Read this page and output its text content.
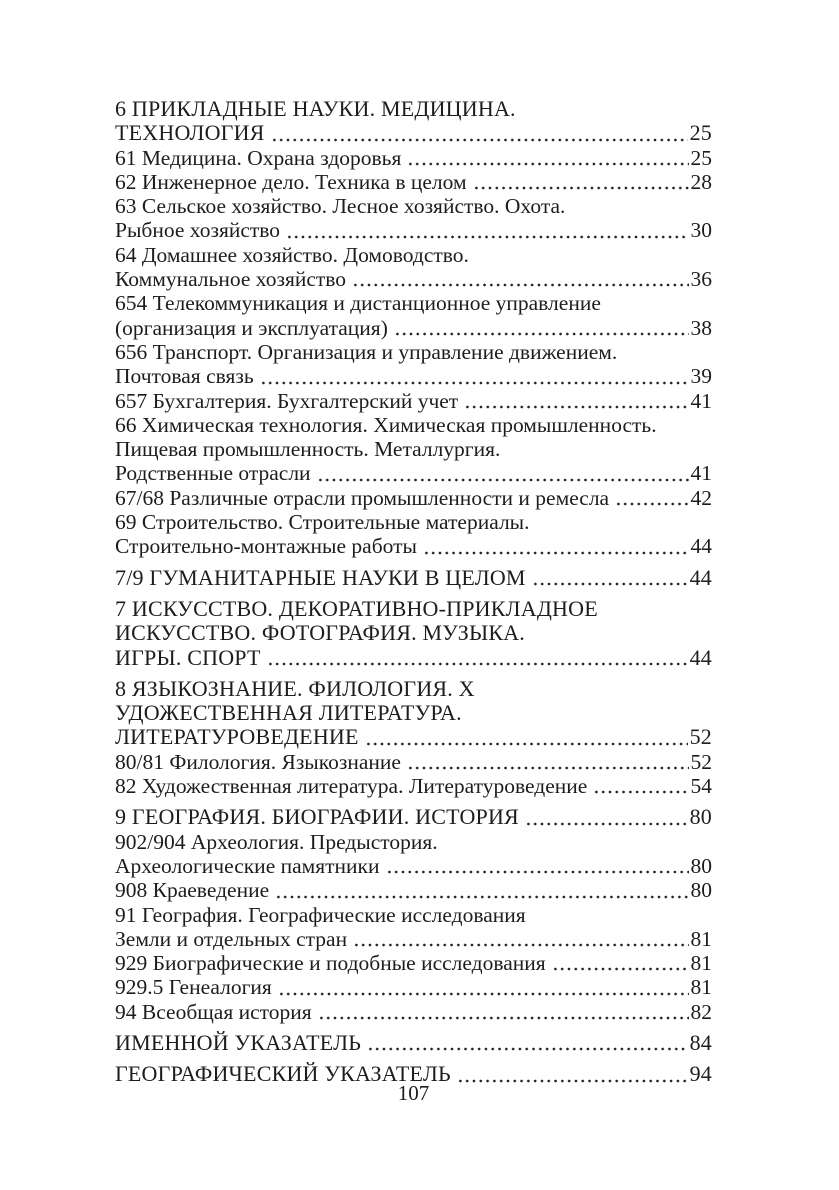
6 ПРИКЛАДНЫЕ НАУКИ. МЕДИЦИНА.
ТЕХНОЛОГИЯ	25
61 Медицина. Охрана здоровья	25
62 Инженерное дело. Техника в целом	28
63 Сельское хозяйство. Лесное хозяйство. Охота.
Рыбное хозяйство	30
64 Домашнее хозяйство. Домоводство.
Коммунальное хозяйство	36
654 Телекоммуникация и дистанционное управление
(организация и эксплуатация)	38
656 Транспорт. Организация и управление движением.
Почтовая связь	39
657 Бухгалтерия. Бухгалтерский учет	41
66 Химическая технология. Химическая промышленность.
Пищевая промышленность. Металлургия.
Родственные отрасли	41
67/68 Различные отрасли промышленности и ремесла	42
69 Строительство. Строительные материалы.
Строительно-монтажные работы	44
7/9 ГУМАНИТАРНЫЕ НАУКИ В ЦЕЛОМ	44
7 ИСКУССТВО. ДЕКОРАТИВНО-ПРИКЛАДНОЕ
ИСКУССТВО. ФОТОГРАФИЯ. МУЗЫКА.
ИГРЫ. СПОРТ	44
8 ЯЗЫКОЗНАНИЕ. ФИЛОЛОГИЯ. Х
УДОЖЕСТВЕННАЯ ЛИТЕРАТУРА.
ЛИТЕРАТУРОВЕДЕНИЕ	52
80/81 Филология. Языкознание	52
82 Художественная литература. Литературоведение	54
9 ГЕОГРАФИЯ. БИОГРАФИИ. ИСТОРИЯ	80
902/904 Археология. Предыстория.
Археологические памятники	80
908 Краеведение	80
91 География. Географические исследования
Земли и отдельных стран	81
929 Биографические и подобные исследования	81
929.5 Генеалогия	81
94 Всеобщая история	82
ИМЕННОЙ УКАЗАТЕЛЬ	84
ГЕОГРАФИЧЕСКИЙ УКАЗАТЕЛЬ	94
107
